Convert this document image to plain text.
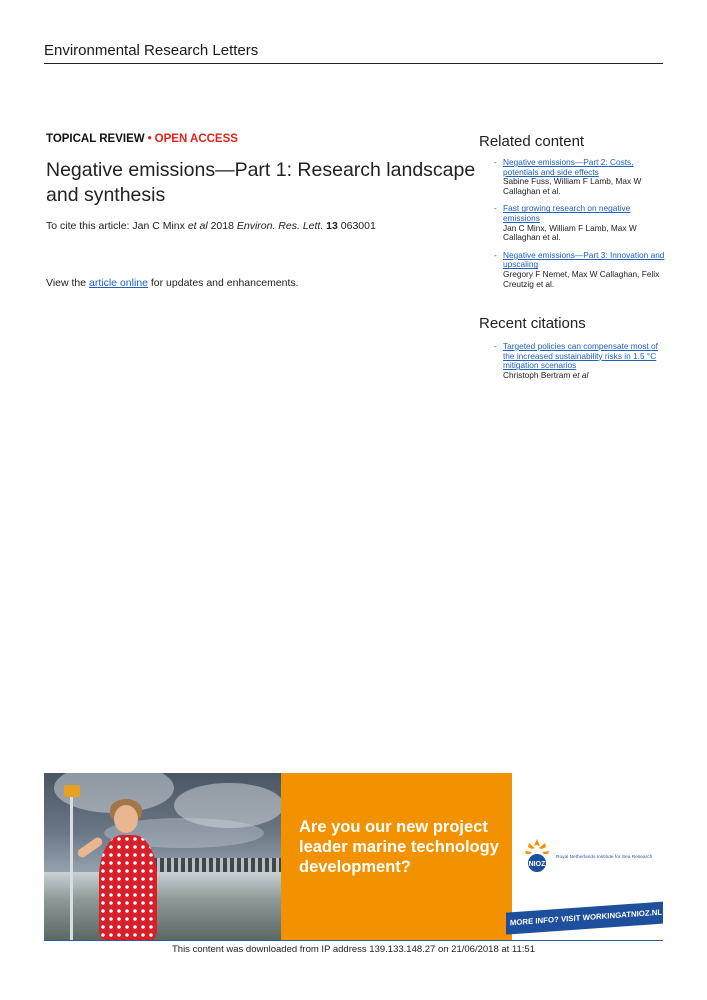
Environmental Research Letters
TOPICAL REVIEW • OPEN ACCESS
Negative emissions—Part 1: Research landscape and synthesis
To cite this article: Jan C Minx et al 2018 Environ. Res. Lett. 13 063001
View the article online for updates and enhancements.
Related content
- Negative emissions—Part 2: Costs, potentials and side effects
Sabine Fuss, William F Lamb, Max W Callaghan et al.
- Fast growing research on negative emissions
Jan C Minx, William F Lamb, Max W Callaghan et al.
- Negative emissions—Part 3: Innovation and upscaling
Gregory F Nemet, Max W Callaghan, Felix Creutzig et al.
Recent citations
- Targeted policies can compensate most of the increased sustainability risks in 1.5 °C mitigation scenarios
Christoph Bertram et al
Are you our new project leader marine technology development?	NIOZ
Royal Netherlands Institute for Sea Research
MORE INFO? VISIT WORKINGATNIOZ.NL
This content was downloaded from IP address 139.133.148.27 on 21/06/2018 at 11:51
